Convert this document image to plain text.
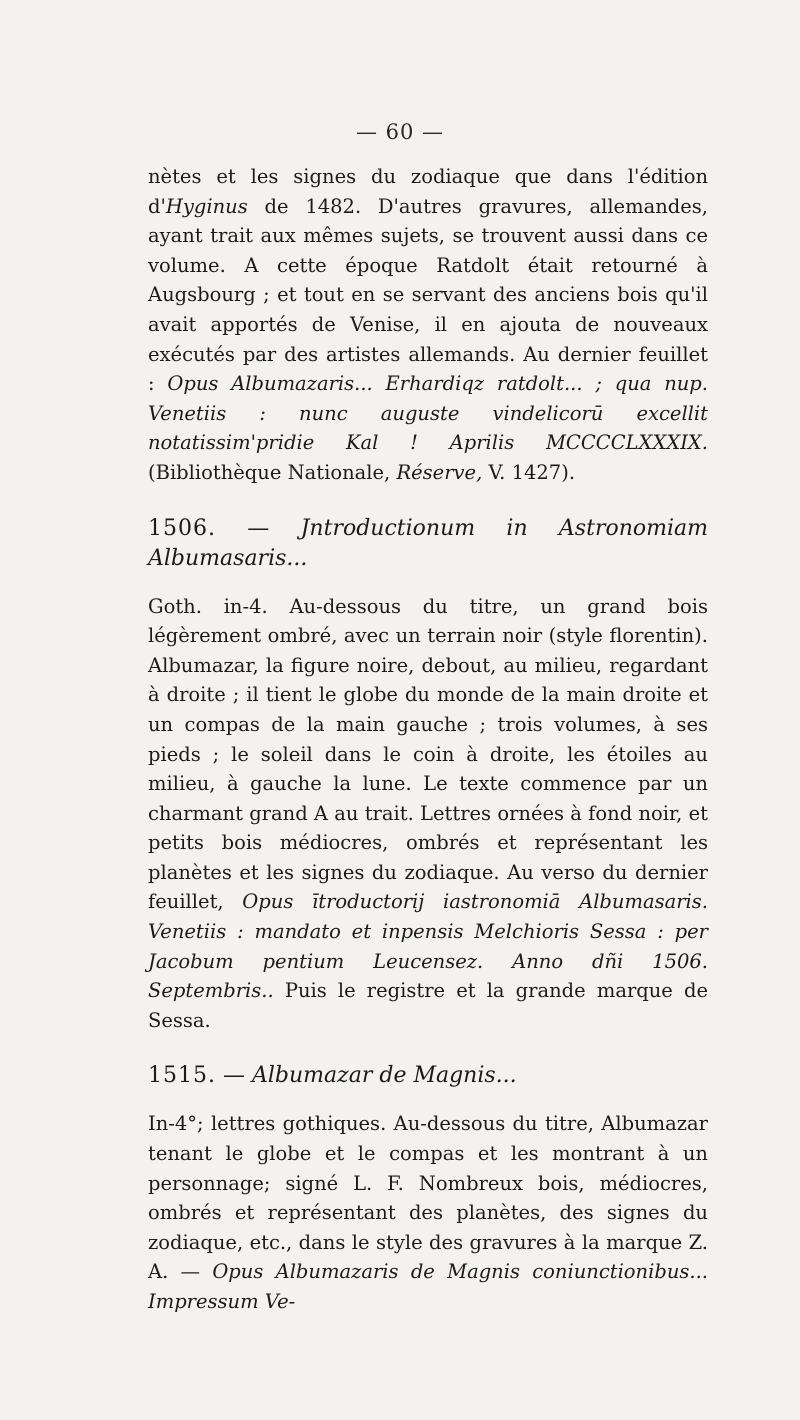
— 60 —

nètes et les signes du zodiaque que dans l'édition d'Hyginus de 1482. D'autres gravures, allemandes, ayant trait aux mêmes sujets, se trouvent aussi dans ce volume. A cette époque Ratdolt était retourné à Augsbourg ; et tout en se servant des anciens bois qu'il avait apportés de Venise, il en ajouta de nouveaux exécutés par des artistes allemands. Au dernier feuillet : Opus Albumazaris... Erhardiqz ratdolt... ; qua nup. Venetiis : nunc auguste vindelicorū excellit notatissim'pridie Kal ! Aprilis MCCCCLXXXIX. (Bibliothèque Nationale, Réserve, V. 1427).

1506. — Jntroductionum in Astronomiam Albumasaris...

Goth. in-4. Au-dessous du titre, un grand bois légèrement ombré, avec un terrain noir (style florentin). Albumazar, la figure noire, debout, au milieu, regardant à droite ; il tient le globe du monde de la main droite et un compas de la main gauche ; trois volumes, à ses pieds ; le soleil dans le coin à droite, les étoiles au milieu, à gauche la lune. Le texte commence par un charmant grand A au trait. Lettres ornées à fond noir, et petits bois médiocres, ombrés et représentant les planètes et les signes du zodiaque. Au verso du dernier feuillet, Opus ītroductorij iastronomiā Albumasaris. Venetiis : mandato et inpensis Melchioris Sessa : per Jacobum pentium Leucensez. Anno dñi 1506. Septembris.. Puis le registre et la grande marque de Sessa.

1515. — Albumazar de Magnis...

In-4°; lettres gothiques. Au-dessous du titre, Albumazar tenant le globe et le compas et les montrant à un personnage; signé L. F. Nombreux bois, médiocres, ombrés et représentant des planètes, des signes du zodiaque, etc., dans le style des gravures à la marque Z. A. — Opus Albumazaris de Magnis coniunctionibus... Impressum Ve-
